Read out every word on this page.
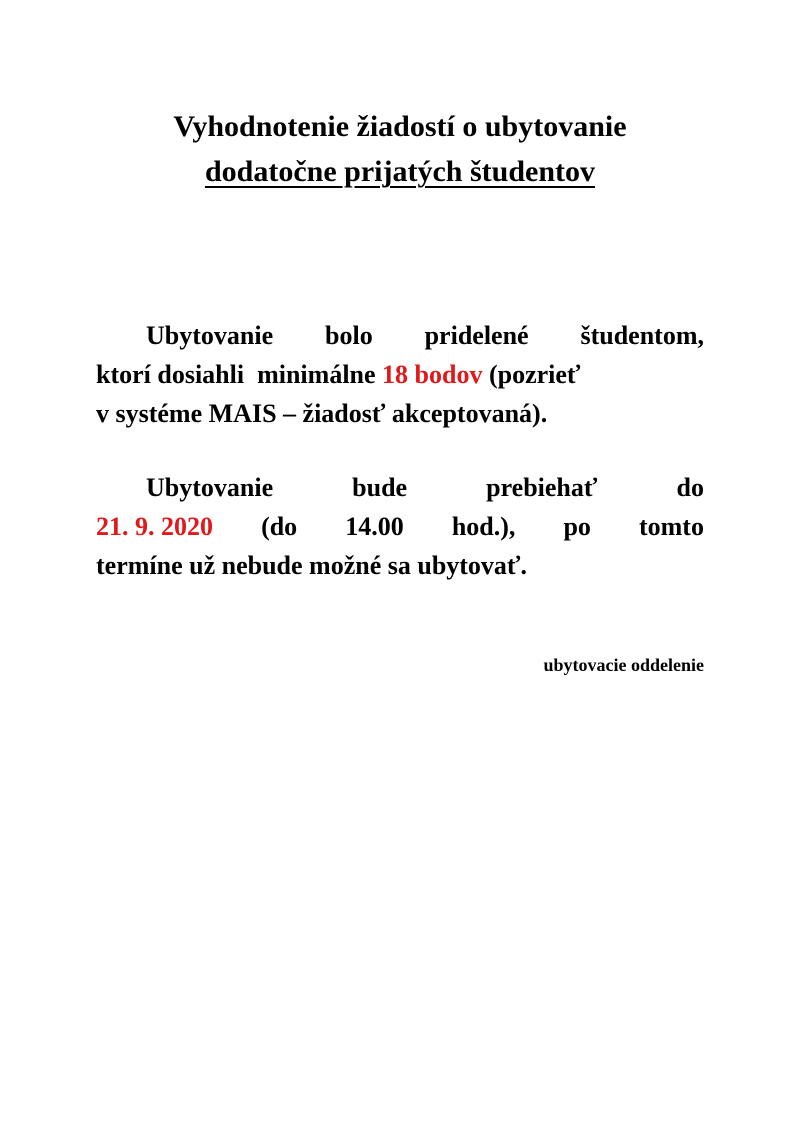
Vyhodnotenie žiadostí o ubytovanie
dodatočne prijatých študentov
Ubytovanie bolo pridelené študentom,
ktorí dosiahli  minimálne 18 bodov (pozrieť
v systéme MAIS – žiadosť akceptovaná).
Ubytovanie	bude	prebiehať	do
21. 9. 2020 (do 14.00 hod.), po tomto
termíne už nebude možné sa ubytovať.
ubytovacie oddelenie
